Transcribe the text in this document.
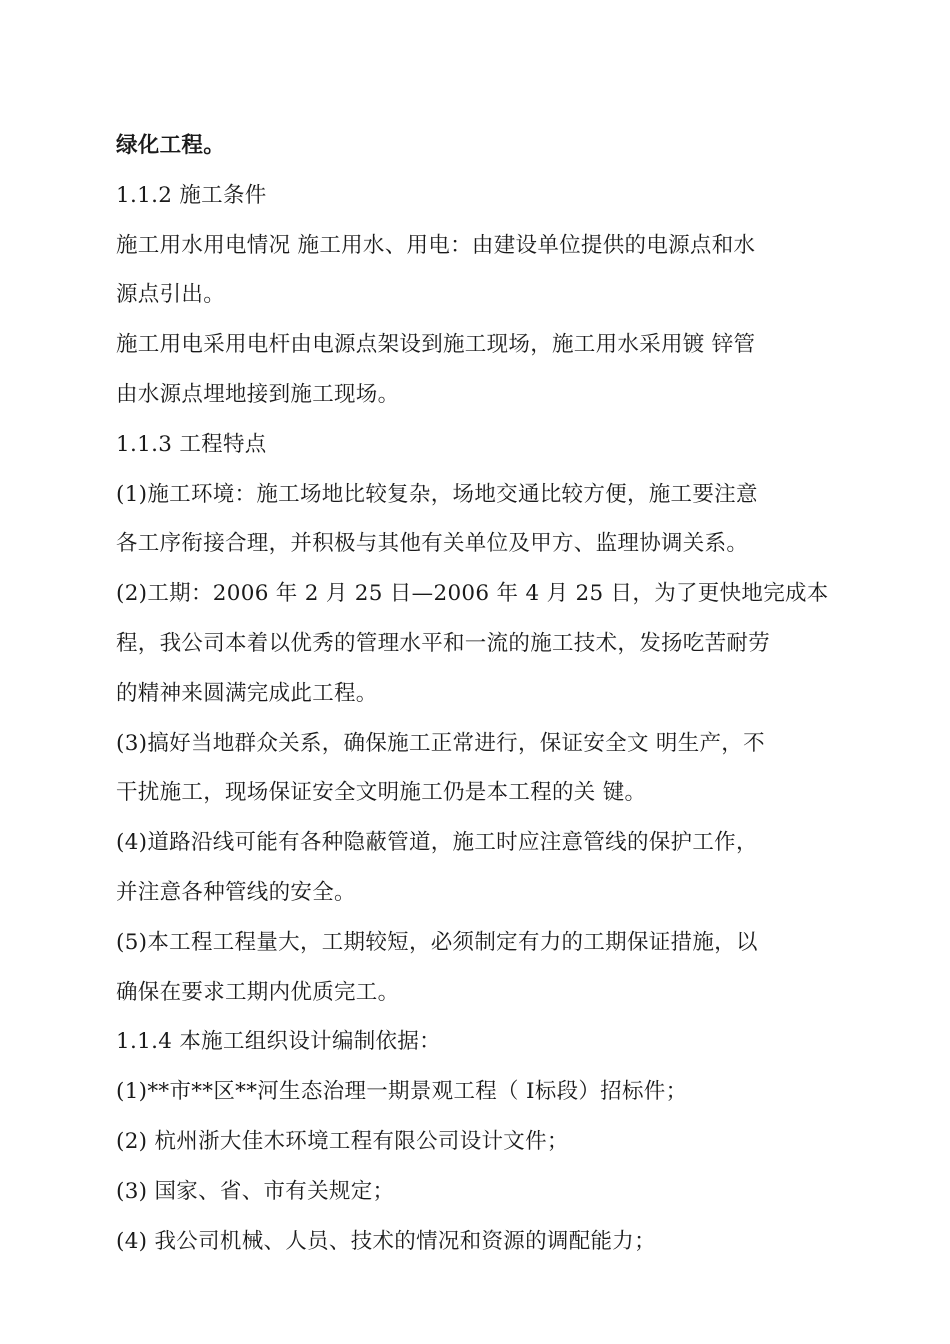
绿化工程。
1.1.2 施工条件
施工用水用电情况 施工用水、用电：由建设单位提供的电源点和水
源点引出。
施工用电采用电杆由电源点架设到施工现场，施工用水采用镀 锌管
由水源点埋地接到施工现场。
1.1.3 工程特点
(1)施工环境：施工场地比较复杂，场地交通比较方便，施工要注意
各工序衔接合理，并积极与其他有关单位及甲方、监理协调关系。
(2)工期：2006 年 2 月 25 日—2006 年 4 月 25 日，为了更快地完成本
程，我公司本着以优秀的管理水平和一流的施工技术，发扬吃苦耐劳
的精神来圆满完成此工程。
(3)搞好当地群众关系，确保施工正常进行，保证安全文 明生产，不
干扰施工，现场保证安全文明施工仍是本工程的关 键。
(4)道路沿线可能有各种隐蔽管道，施工时应注意管线的保护工作，
并注意各种管线的安全。
(5)本工程工程量大，工期较短，必须制定有力的工期保证措施，以
确保在要求工期内优质完工。
1.1.4 本施工组织设计编制依据：
(1)**市**区**河生态治理一期景观工程（ Ⅰ标段）招标件；
(2) 杭州浙大佳木环境工程有限公司设计文件；
(3) 国家、省、市有关规定；
(4) 我公司机械、人员、技术的情况和资源的调配能力；
